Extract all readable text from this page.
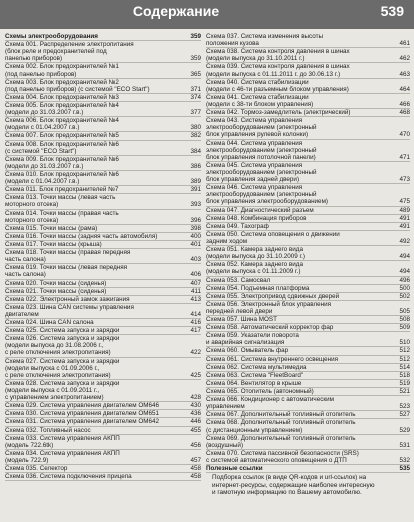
Содержание	539
Схемы электрооборудования	359
Схема 001. Распределение электропитания
(блок реле и предохранителей под
панелью приборов)	359
Схема 002. Блок предохранителей №1
(под панелью приборов)	365
Схема 003. Блок предохранителей №2
(под панелью приборов) (с системой "ECO Start")	371
Схема 004. Блок предохранителей №3	374
Схема 005. Блок предохранителей №4
(модели до 31.03.2007 г.в.)	377
Схема 006. Блок предохранителей №4
(модели с 01.04.2007 г.в.)	380
Схема 007. Блок предохранителей №5	382
Схема 008. Блок предохранителей №6
(с системой "ECO Start")	384
Схема 009. Блок предохранителей №6
(модели до 31.03.2007 г.в.)	386
Схема 010. Блок предохранителей №6
(модели с 01.04.2007 г.в.)	389
Схема 011. Блок предохранителей №7	391
Схема 013. Точки массы (левая часть
моторного отсека)	393
Схема 014. Точки массы (правая часть
моторного отсека)	396
Схема 015. Точки массы (рама)	398
Схема 016. Точки массы (задняя часть автомобиля)	400
Схема 017. Точки массы (крыша)	401
Схема 018. Точки массы (правая передняя
часть салона)	403
Схема 019. Точки массы (левая передняя
часть салона)	406
Схема 020. Точки массы (сиденья)	407
Схема 021. Точки массы (сиденья)	411
Схема 022. Электронный замок зажигания	413
Схема 023. Шина CAN системы управления
двигателем	414
Схема 024. Шина CAN салона	416
Схема 025. Система запуска и зарядки	417
Схема 026. Система запуска и зарядки
(модели выпуска до 31.08.2006 г.,
с реле отключения электропитания)	422
Схема 027. Система запуска и зарядки
(модели выпуска с 01.09.2006 г.,
с реле отключения электропитания)	425
Схема 028. Система запуска и зарядки
(модели выпуска с 01.09.2011 г.,
с управлением электропитанием)	428
Схема 029. Система управления двигателем OM646	430
Схема 030. Система управления двигателем OM651	436
Схема 031. Система управления двигателем OM642	446
Схема 032. Топливный насос	455
Схема 033. Система управления АКПП
(модель 722.6tk)	456
Схема 034. Система управления АКПП
(модель 722.9)	457
Схема 035. Селектор	458
Схема 036. Система подключения прицепа	458
Схема 037. Система изменения высоты
положения кузова	461
Схема 038. Система контроля давления в шинах
(модели выпуска до 31.10.2011 г.)	462
Схема 039. Система контроля давления в шинах
(модели выпуска с 01.11.2011 г. до 30.06.13 г.)	463
Схема 040. Система стабилизации
(модели с 46-ти разъемным блоком управления)	464
Схема 041. Система стабилизации
(модели с 38-ти блоком управления)	466
Схема 042. Тормоз-замедлитель (электрический)	468
Схема 043. Система управления
электрооборудованием (электронный
блок управления рулевой колонки)	470
Схема 044. Система управления
электрооборудованием (электронный
блок управления потолочной панели)	471
Схема 045. Система управления
электрооборудованием (электронный
блок управления задней двери)	473
Схема 046. Система управления
электрооборудованием (электронный
блок управления электрооборудованием)	475
Схема 047. Диагностический разъем	489
Схема 048. Комбинация приборов	491
Схема 049. Тахограф	491
Схема 050. Система оповещения о движении
задним ходом	492
Схема 051. Камера заднего вида
(модели выпуска до 31.10.2009 г.)	494
Схема 052. Камера заднего вида
(модели выпуска с 01.11.2009 г.)	494
Схема 053. Самосвал	496
Схема 054. Подъемная платформа	500
Схема 055. Электропривод сдвижных дверей	502
Схема 056. Электронный блок управления
передней левой двери	505
Схема 057. Шина MOST	508
Схема 058. Автоматический корректор фар	509
Схема 059. Указатели поворота
и аварийная сигнализация	510
Схема 060. Омыватель фар	512
Схема 061. Система внутреннего освещения	512
Схема 062. Система мультимедиа	514
Схема 063. Система "FleetBoard"	518
Схема 064. Вентилятор в крыше	519
Схема 065. Отопитель (автономный)	521
Схема 066. Кондиционер с автоматическим
управлением	523
Схема 067. Дополнительный топливный отопитель	527
Схема 068. Дополнительный топливный отопитель
(с дистанционным управлением)	529
Схема 069. Дополнительный топливный отопитель
(воздушный)	531
Схема 070. Система пассивной безопасности (SRS)
с системой автоматического оповещения о ДТП	532
Полезные ссылки	535
Подборка ссылок (в виде QR-кодов и url-ссылок) на
интернет-ресурсы, содержащие наиболее интересную
и гамотную информацию по Вашему автомобилю.
